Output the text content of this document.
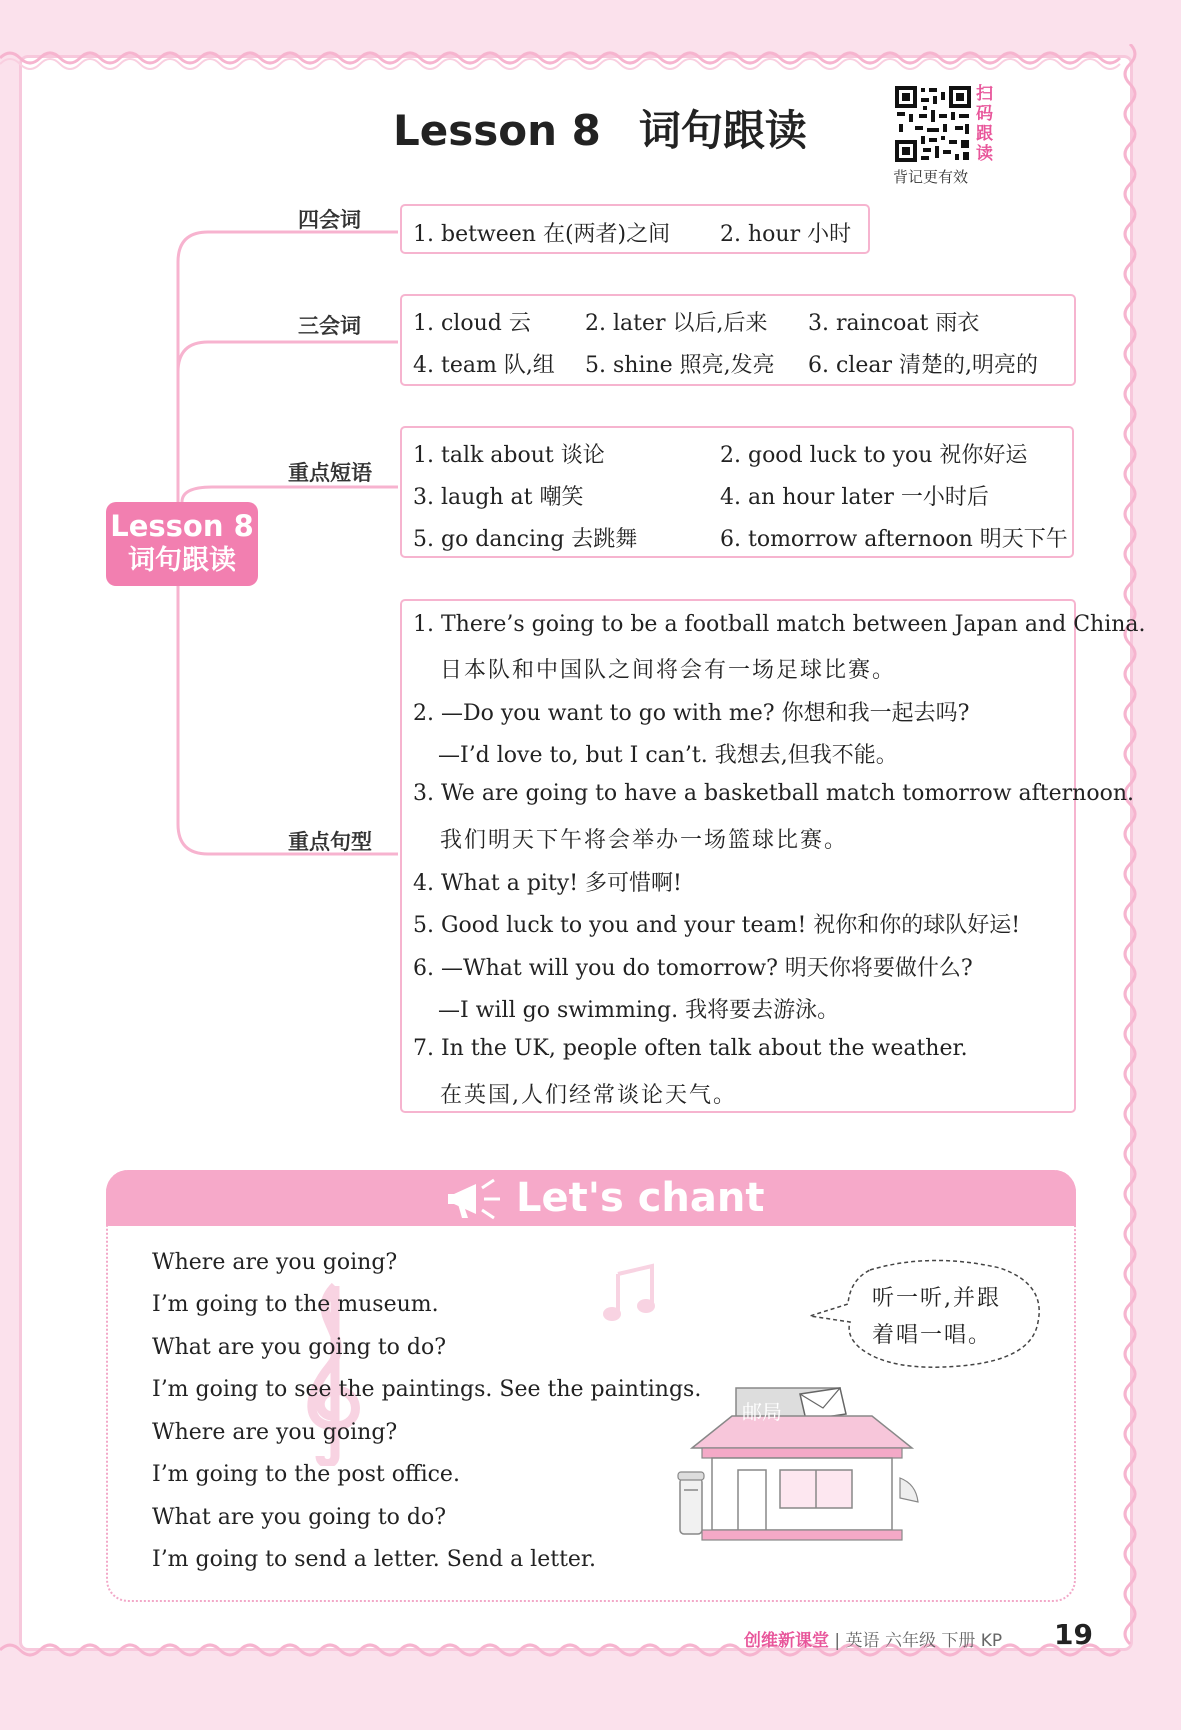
Lesson 8 词句跟读
扫
码
跟
读
背记更有效
Lesson 8
词句跟读
四会词
1. between 在(两者)之间 2. hour 小时
三会词 1. cloud 云 2. later 以后,后来 3. raincoat 雨衣
4. team 队,组 5. shine 照亮,发亮 6. clear 清楚的,明亮的
重点短语
1. talk about 谈论	2. good luck to you 祝你好运
3. laugh at 嘲笑	4. an hour later 一小时后
5. go dancing 去跳舞	6. tomorrow afternoon 明天下午
重点句型
1. There’s going to be a football match between Japan and China.
日本队和中国队之间将会有一场足球比赛。
2. —Do you want to go with me? 你想和我一起去吗?
—I’d love to, but I can’t. 我想去,但我不能。
3. We are going to have a basketball match tomorrow afternoon.
我们明天下午将会举办一场篮球比赛。
4. What a pity! 多可惜啊!
5. Good luck to you and your team! 祝你和你的球队好运!
6. —What will you do tomorrow? 明天你将要做什么?
—I will go swimming. 我将要去游泳。
7. In the UK, people often talk about the weather.
在英国,人们经常谈论天气。
Let's chant
Where are you going?
I’m going to the museum.
What are you going to do?
I’m going to see the paintings. See the paintings.
Where are you going?
I’m going to the post office.
What are you going to do?
I’m going to send a letter. Send a letter.
听一听,并跟
着唱一唱。
邮局
创维新课堂 | 英语 六年级 下册 KP 19
